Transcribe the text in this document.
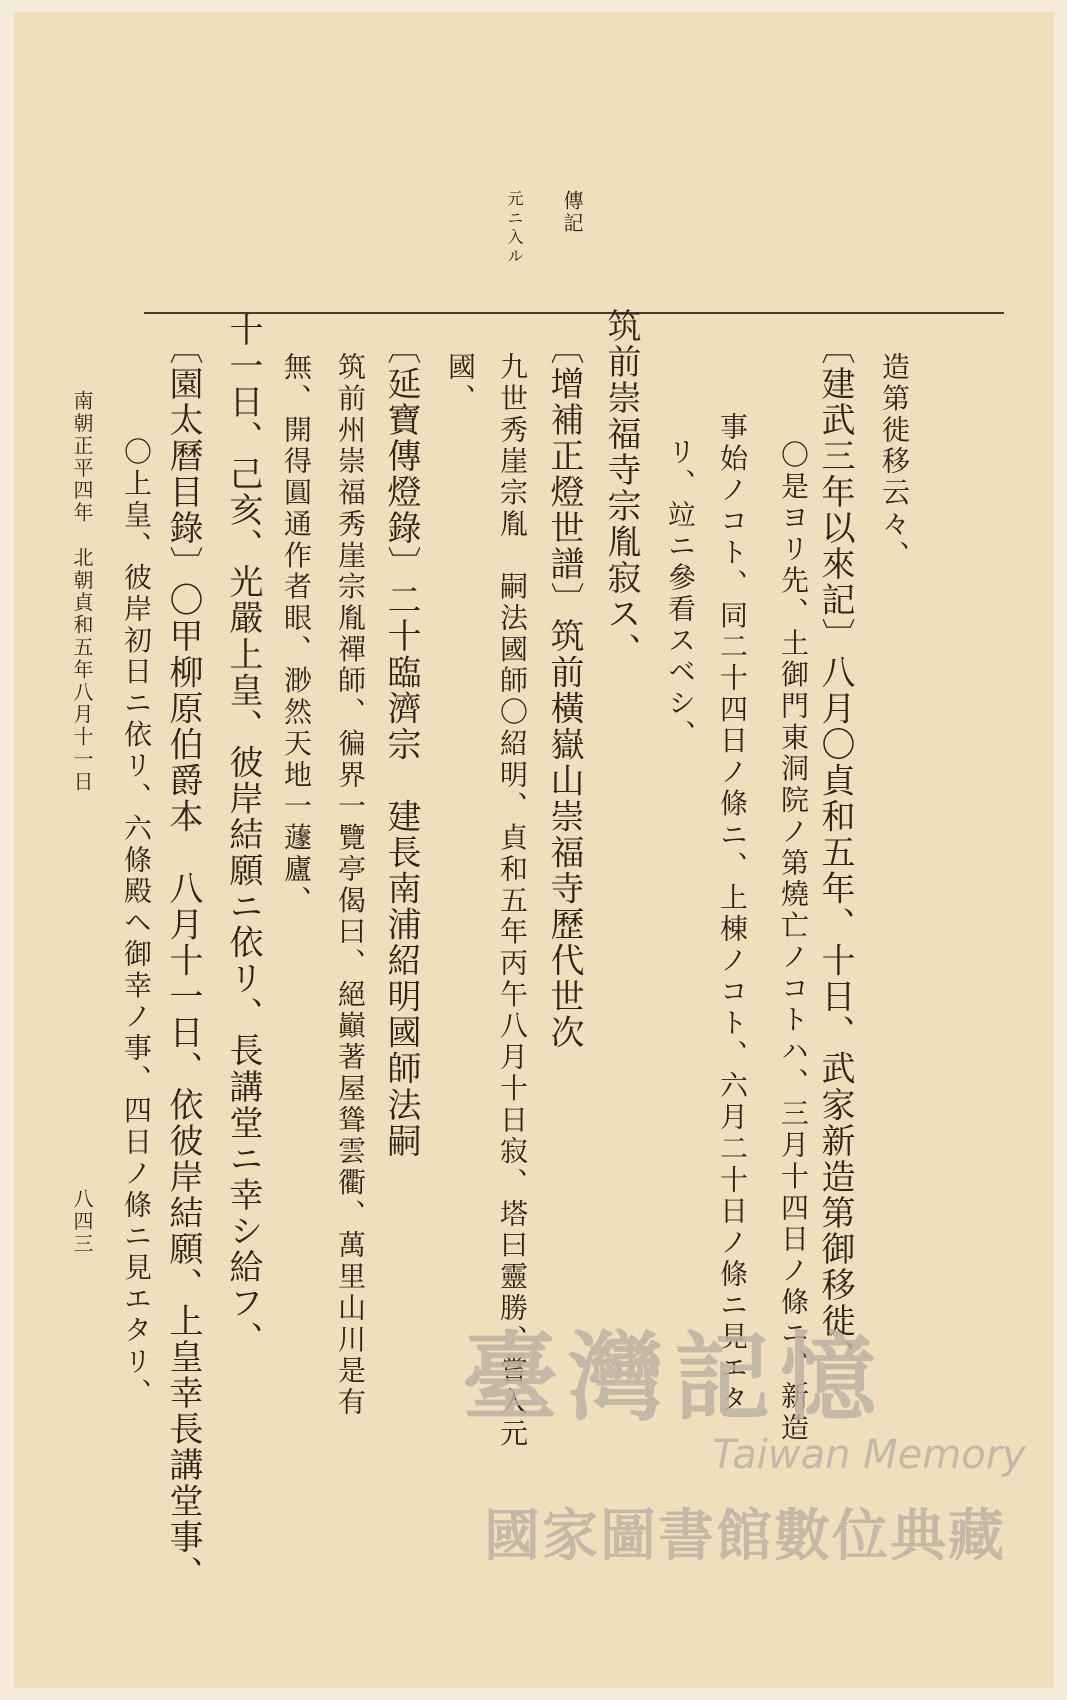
傳記
元ニ入ル
造第徙移云々、
〔建武三年以來記〕八月〇貞和五年、十日、武家新造第御移徙、
〇是ヨリ先、土御門東洞院ノ第燒亡ノコトハ、三月十四日ノ條ニ、新造
事始ノコト、同二十四日ノ條ニ、上棟ノコト、六月二十日ノ條ニ見エタ
リ、竝ニ參看スベシ、
筑前崇福寺宗胤寂ス、
〔增補正燈世譜〕筑前橫嶽山崇福寺歷代世次
九世秀崖宗胤　嗣法國師〇紹明、貞和五年丙午八月十日寂、塔曰靈勝、嘗入元
國、
〔延寶傳燈錄〕二十臨濟宗　建長南浦紹明國師法嗣
筑前州崇福秀崖宗胤禪師、徧界一覽亭偈曰、絕巓著屋聳雲衢、萬里山川是有
無、開得圓通作者眼、渺然天地一蘧廬、
十一日、己亥、光嚴上皇、彼岸結願ニ依リ、長講堂ニ幸シ給フ、
〔園太曆目錄〕〇甲柳原伯爵本　八月十一日、依彼岸結願、上皇幸長講堂事、
〇上皇、彼岸初日ニ依リ、六條殿ヘ御幸ノ事、四日ノ條ニ見エタリ、
南朝正平四年　北朝貞和五年八月十一日
八四三
臺灣記憶
Taiwan Memory
國家圖書館數位典藏
